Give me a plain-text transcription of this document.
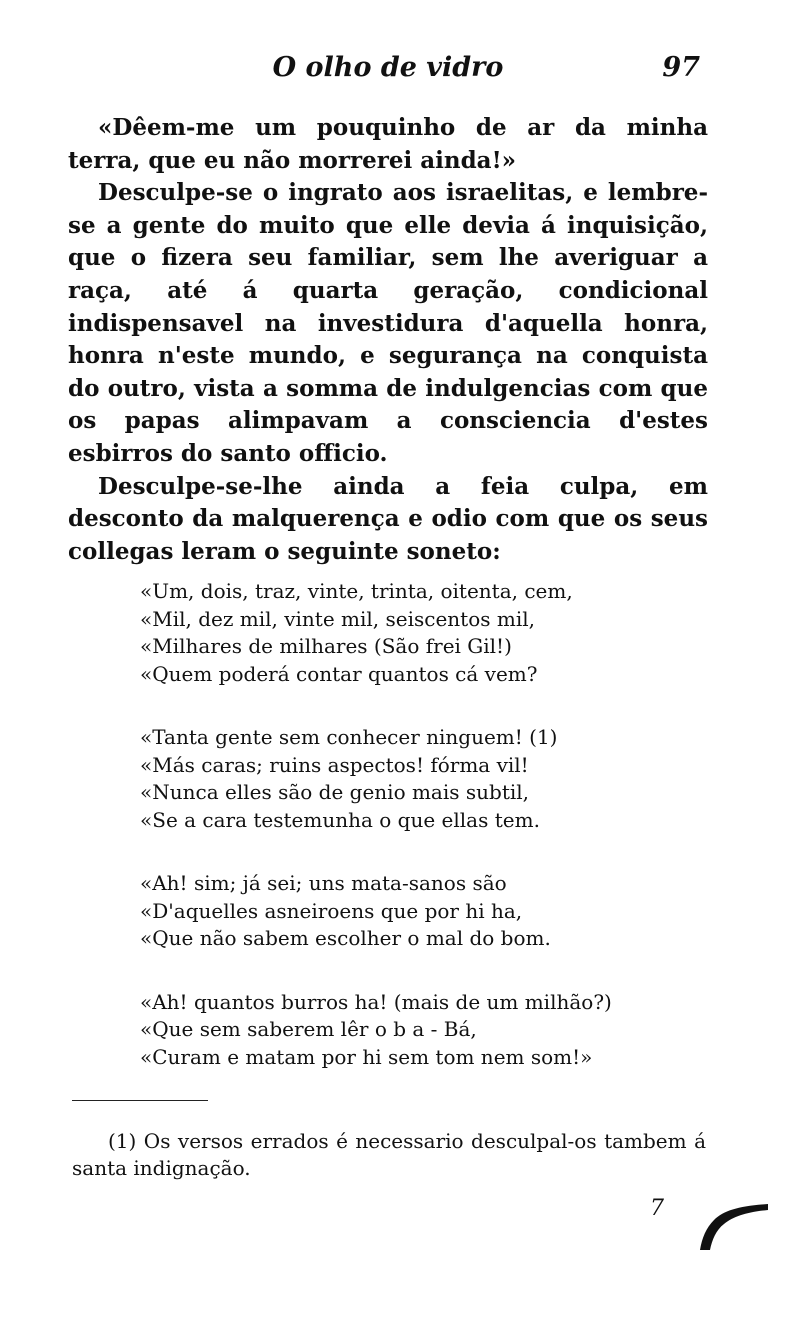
O olho de vidro	97

«Dêem-me um pouquinho de ar da minha terra, que eu não morrerei ainda!»

Desculpe-se o ingrato aos israelitas, e lembre-se a gente do muito que elle devia á inquisição, que o fizera seu familiar, sem lhe averiguar a raça, até á quarta geração, condicional indispensavel na investidura d'aquella honra, honra n'este mundo, e segurança na conquista do outro, vista a somma de indulgencias com que os papas alimpavam a consciencia d'estes esbirros do santo officio.

Desculpe-se-lhe ainda a feia culpa, em desconto da malquerença e odio com que os seus collegas leram o seguinte soneto:

«Um, dois, traz, vinte, trinta, oitenta, cem,
«Mil, dez mil, vinte mil, seiscentos mil,
«Milhares de milhares (São frei Gil!)
«Quem poderá contar quantos cá vem?
«Tanta gente sem conhecer ninguem! (1)
«Más caras; ruins aspectos! fórma vil!
«Nunca elles são de genio mais subtil,
«Se a cara testemunha o que ellas tem.
«Ah! sim; já sei; uns mata-sanos são
«D'aquelles asneiroens que por hi ha,
«Que não sabem escolher o mal do bom.
«Ah! quantos burros ha! (mais de um milhão?)
«Que sem saberem lêr o b a - Bá,
«Curam e matam por hi sem tom nem som!»

(1) Os versos errados é necessario desculpal-os tambem á santa indignação.

7
